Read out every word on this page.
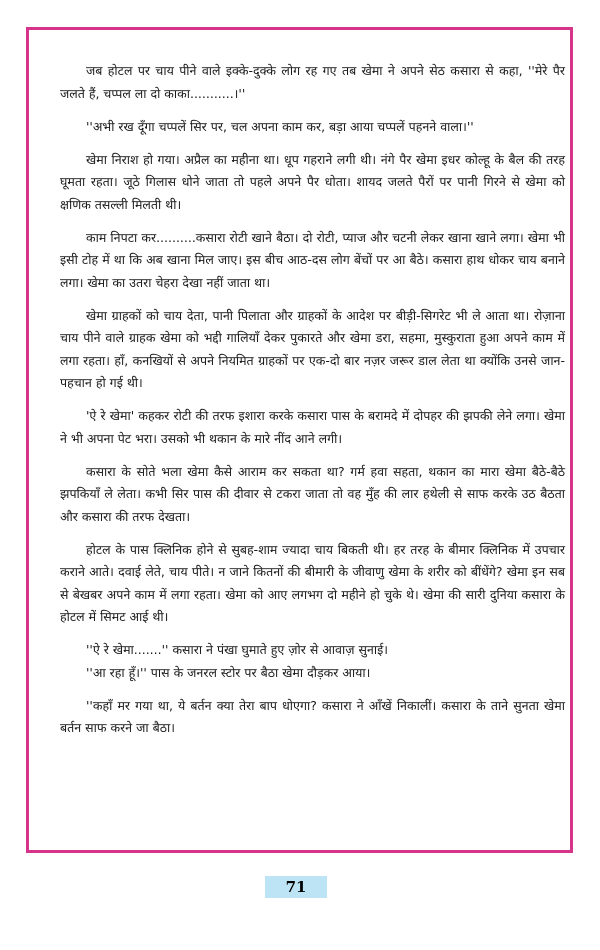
जब होटल पर चाय पीने वाले इक्के-दुक्के लोग रह गए तब खेमा ने अपने सेठ कसारा से कहा, ''मेरे पैर जलते हैं, चप्पल ला दो काका...........।''

''अभी रख दूँगा चप्पलें सिर पर, चल अपना काम कर, बड़ा आया चप्पलें पहनने वाला।''

खेमा निराश हो गया। अप्रैल का महीना था। धूप गहराने लगी थी। नंगे पैर खेमा इधर कोल्हू के बैल की तरह घूमता रहता। जूठे गिलास धोने जाता तो पहले अपने पैर धोता। शायद जलते पैरों पर पानी गिरने से खेमा को क्षणिक तसल्ली मिलती थी।

काम निपटा कर..........कसारा रोटी खाने बैठा। दो रोटी, प्याज और चटनी लेकर खाना खाने लगा। खेमा भी इसी टोह में था कि अब खाना मिल जाए। इस बीच आठ-दस लोग बेंचों पर आ बैठे। कसारा हाथ धोकर चाय बनाने लगा। खेमा का उतरा चेहरा देखा नहीं जाता था।

खेमा ग्राहकों को चाय देता, पानी पिलाता और ग्राहकों के आदेश पर बीड़ी-सिगरेट भी ले आता था। रोज़ाना चाय पीने वाले ग्राहक खेमा को भद्दी गालियाँ देकर पुकारते और खेमा डरा, सहमा, मुस्कुराता हुआ अपने काम में लगा रहता। हाँ, कनखियों से अपने नियमित ग्राहकों पर एक-दो बार नज़र जरूर डाल लेता था क्योंकि उनसे जान-पहचान हो गई थी।

'ऐ रे खेमा' कहकर रोटी की तरफ इशारा करके कसारा पास के बरामदे में दोपहर की झपकी लेने लगा। खेमा ने भी अपना पेट भरा। उसको भी थकान के मारे नींद आने लगी।

कसारा के सोते भला खेमा कैसे आराम कर सकता था? गर्म हवा सहता, थकान का मारा खेमा बैठे-बैठे झपकियाँ ले लेता। कभी सिर पास की दीवार से टकरा जाता तो वह मुँह की लार हथेली से साफ करके उठ बैठता और कसारा की तरफ देखता।

होटल के पास क्लिनिक होने से सुबह-शाम ज्यादा चाय बिकती थी। हर तरह के बीमार क्लिनिक में उपचार कराने आते। दवाई लेते, चाय पीते। न जाने कितनों की बीमारी के जीवाणु खेमा के शरीर को बींधेंगे? खेमा इन सब से बेखबर अपने काम में लगा रहता। खेमा को आए लगभग दो महीने हो चुके थे। खेमा की सारी दुनिया कसारा के होटल में सिमट आई थी।

''ऐ रे खेमा.......'' कसारा ने पंखा घुमाते हुए ज़ोर से आवाज़ सुनाई।

''आ रहा हूँ।'' पास के जनरल स्टोर पर बैठा खेमा दौड़कर आया।

''कहाँ मर गया था, ये बर्तन क्या तेरा बाप धोएगा? कसारा ने आँखें निकालीं। कसारा के ताने सुनता खेमा बर्तन साफ करने जा बैठा।

71
